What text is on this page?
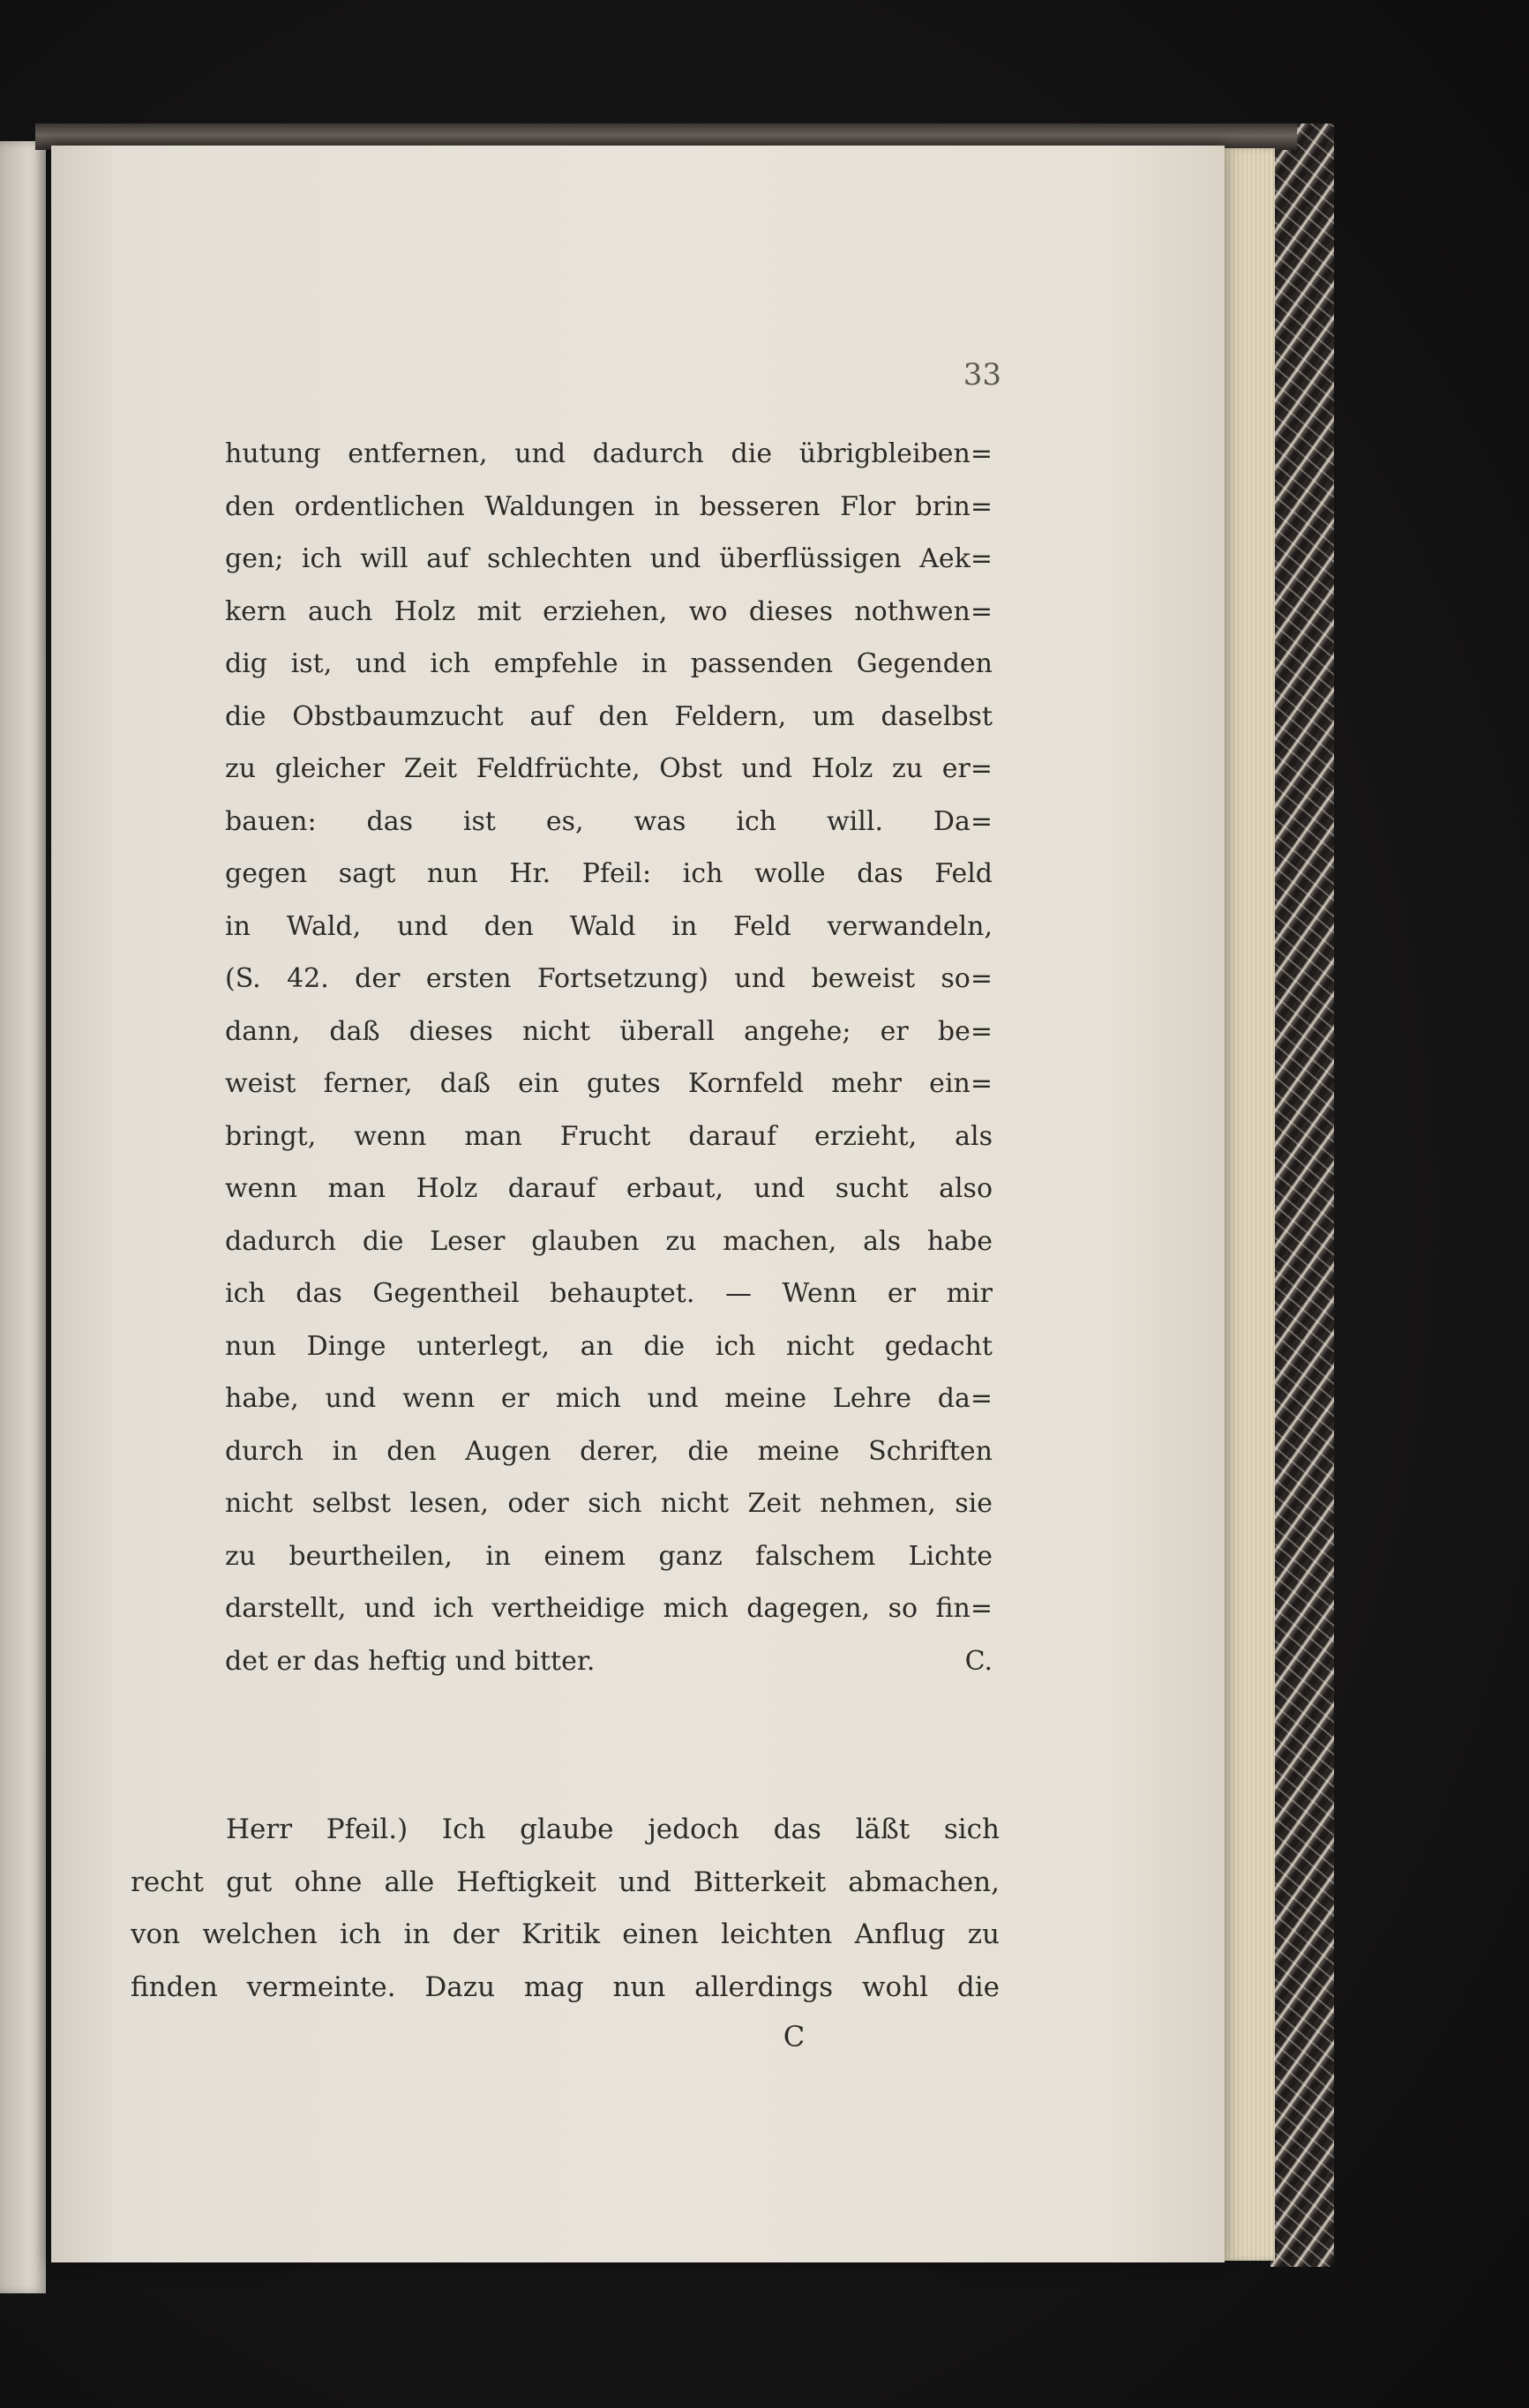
33
hutung entfernen, und dadurch die übrigbleiben=
den ordentlichen Waldungen in besseren Flor brin=
gen; ich will auf schlechten und überflüssigen Aek=
kern auch Holz mit erziehen, wo dieses nothwen=
dig ist, und ich empfehle in passenden Gegenden
die Obstbaumzucht auf den Feldern, um daselbst
zu gleicher Zeit Feldfrüchte, Obst und Holz zu er=
bauen: das ist es, was ich will. Da=
gegen sagt nun Hr. Pfeil: ich wolle das Feld
in Wald, und den Wald in Feld verwandeln,
(S. 42. der ersten Fortsetzung) und beweist so=
dann, daß dieses nicht überall angehe; er be=
weist ferner, daß ein gutes Kornfeld mehr ein=
bringt, wenn man Frucht darauf erzieht, als
wenn man Holz darauf erbaut, und sucht also
dadurch die Leser glauben zu machen, als habe
ich das Gegentheil behauptet. — Wenn er mir
nun Dinge unterlegt, an die ich nicht gedacht
habe, und wenn er mich und meine Lehre da=
durch in den Augen derer, die meine Schriften
nicht selbst lesen, oder sich nicht Zeit nehmen, sie
zu beurtheilen, in einem ganz falschem Lichte
darstellt, und ich vertheidige mich dagegen, so fin=
det er das heftig und bitter.	C.
Herr Pfeil.) Ich glaube jedoch das läßt sich
recht gut ohne alle Heftigkeit und Bitterkeit abmachen,
von welchen ich in der Kritik einen leichten Anflug zu
finden vermeinte. Dazu mag nun allerdings wohl die
C
